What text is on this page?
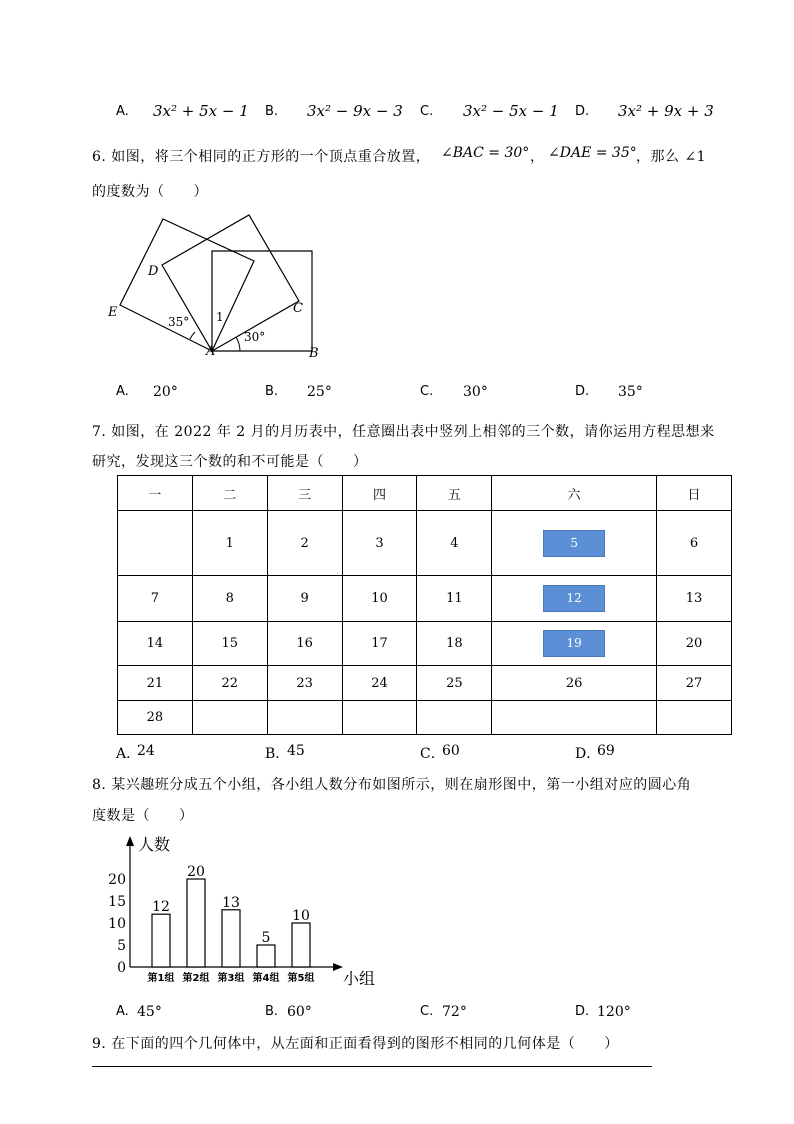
A. 3x² + 5x − 1 B. 3x² − 9x − 3 C. 3x² − 5x − 1 D. 3x² + 9x + 3
6. 如图，将三个相同的正方形的一个顶点重合放置， ∠BAC = 30° ， ∠DAE = 35° ，那么 ∠1
的度数为（　　）
E
D
C
A	B
35° 1
30°
A. 20°	B. 25°	C. 30°	D. 35°
7. 如图，在 2022 年 2 月的月历表中，任意圈出表中竖列上相邻的三个数，请你运用方程思想来
研究，发现这三个数的和不可能是（　　）
一	二	三	四	五	六	日
	1	2	3	4	5	6
7	8	9	10	11	12	13
14	15	16	17	18	19	20
21	22	23	24	25	26	27
28						
A．
24	B．
45	C．
60	D．
69
8. 某兴趣班分成五个小组，各小组人数分布如图所示，则在扇形图中，第一小组对应的圆心角
度数是（　　）
人数
小组
0
5
10
15
20
12
第1组
20
第2组
13
第3组
5
第4组
10
第5组
A. 45°	B. 60°	C. 72°	D. 120°
9. 在下面的四个几何体中，从左面和正面看得到的图形不相同的几何体是（　　）
